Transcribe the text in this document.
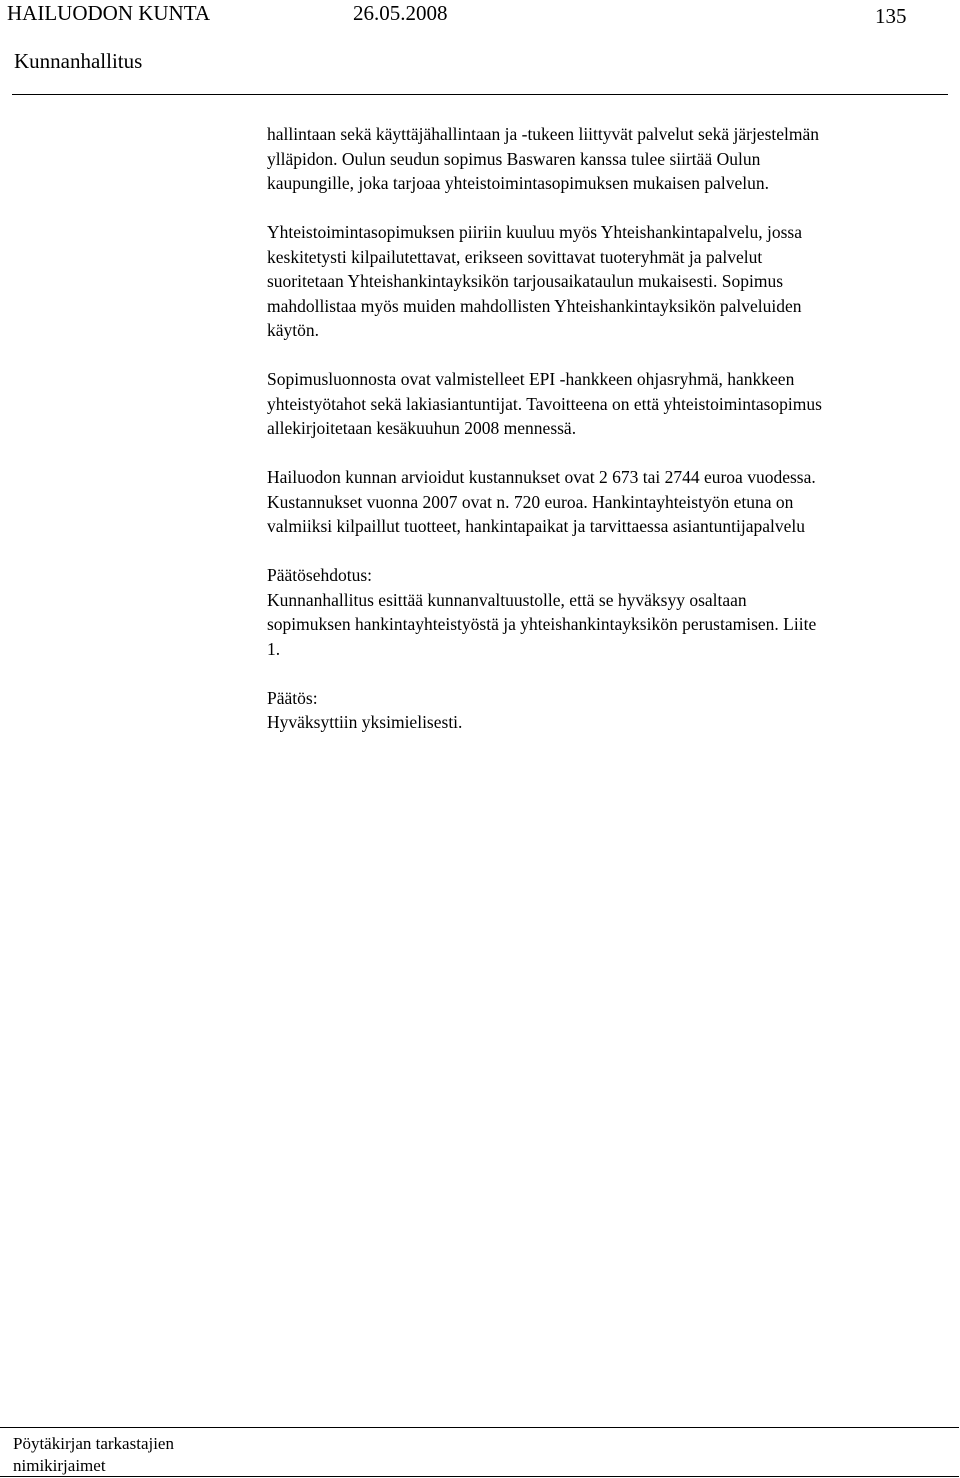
HAILUODON KUNTA	26.05.2008	135
Kunnanhallitus

hallintaan sekä käyttäjähallintaan ja -tukeen liittyvät palvelut sekä järjestelmän
ylläpidon. Oulun seudun sopimus Baswaren kanssa tulee siirtää Oulun
kaupungille, joka tarjoaa yhteistoimintasopimuksen mukaisen palvelun.

Yhteistoimintasopimuksen piiriin kuuluu myös Yhteishankintapalvelu, jossa
keskitetysti kilpailutettavat, erikseen sovittavat tuoteryhmät ja palvelut
suoritetaan Yhteishankintayksikön tarjousaikataulun mukaisesti. Sopimus
mahdollistaa myös muiden mahdollisten Yhteishankintayksikön palveluiden
käytön.

Sopimusluonnosta ovat valmistelleet EPI -hankkeen ohjasryhmä, hankkeen
yhteistyötahot sekä lakiasiantuntijat. Tavoitteena on että yhteistoimintasopimus
allekirjoitetaan kesäkuuhun 2008 mennessä.

Hailuodon kunnan arvioidut kustannukset ovat 2 673 tai 2744 euroa vuodessa.
Kustannukset vuonna 2007 ovat n. 720 euroa. Hankintayhteistyön etuna on
valmiiksi kilpaillut tuotteet, hankintapaikat ja tarvittaessa asiantuntijapalvelu

Päätösehdotus:
Kunnanhallitus esittää kunnanvaltuustolle, että se hyväksyy osaltaan
sopimuksen hankintayhteistyöstä ja yhteishankintayksikön perustamisen. Liite
1.

Päätös:
Hyväksyttiin yksimielisesti.

Pöytäkirjan tarkastajien
nimikirjaimet
